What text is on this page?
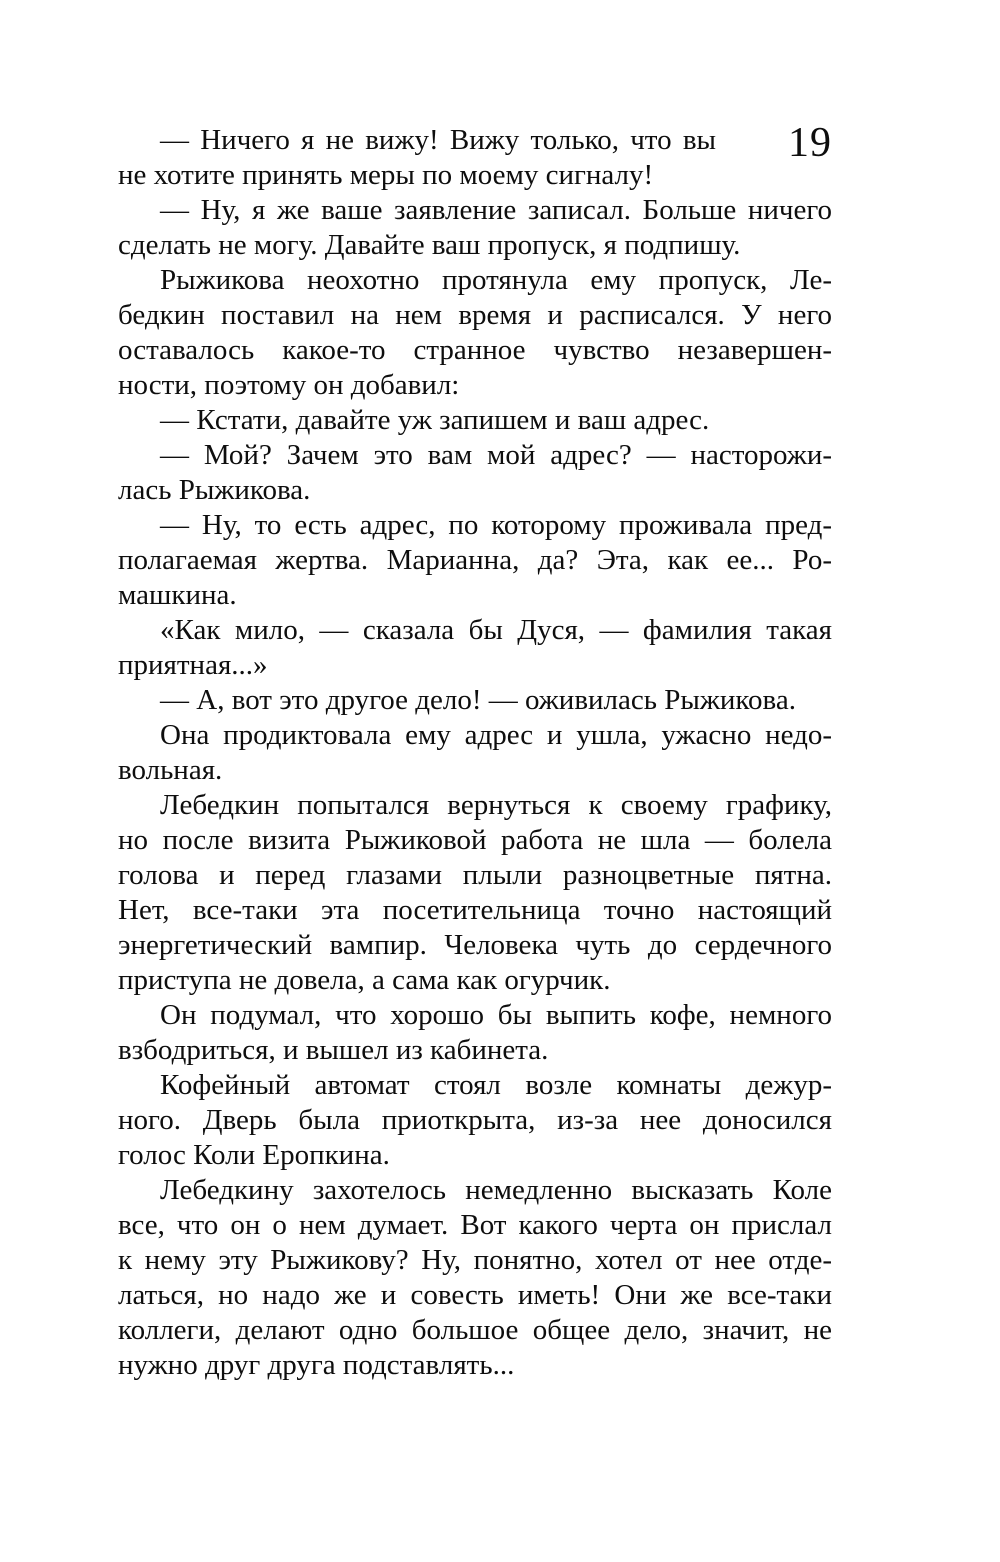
19
— Ничего я не вижу! Вижу только, что вы
не хотите принять меры по моему сигналу!
— Ну, я же ваше заявление записал. Больше ничего
сделать не могу. Давайте ваш пропуск, я подпишу.
Рыжикова неохотно протянула ему пропуск, Ле-
бедкин поставил на нем время и расписался. У него
оставалось какое-то странное чувство незавершен-
ности, поэтому он добавил:
— Кстати, давайте уж запишем и ваш адрес.
— Мой? Зачем это вам мой адрес? — насторожи-
лась Рыжикова.
— Ну, то есть адрес, по которому проживала пред-
полагаемая жертва. Марианна, да? Эта, как ее... Ро-
машкина.
«Как мило, — сказала бы Дуся, — фамилия такая
приятная...»
— А, вот это другое дело! — оживилась Рыжикова.
Она продиктовала ему адрес и ушла, ужасно недо-
вольная.
Лебедкин попытался вернуться к своему графику,
но после визита Рыжиковой работа не шла — болела
голова и перед глазами плыли разноцветные пятна.
Нет, все-таки эта посетительница точно настоящий
энергетический вампир. Человека чуть до сердечного
приступа не довела, а сама как огурчик.
Он подумал, что хорошо бы выпить кофе, немного
взбодриться, и вышел из кабинета.
Кофейный автомат стоял возле комнаты дежур-
ного. Дверь была приоткрыта, из-за нее доносился
голос Коли Еропкина.
Лебедкину захотелось немедленно высказать Коле
все, что он о нем думает. Вот какого черта он прислал
к нему эту Рыжикову? Ну, понятно, хотел от нее отде-
латься, но надо же и совесть иметь! Они же все-таки
коллеги, делают одно большое общее дело, значит, не
нужно друг друга подставлять...
